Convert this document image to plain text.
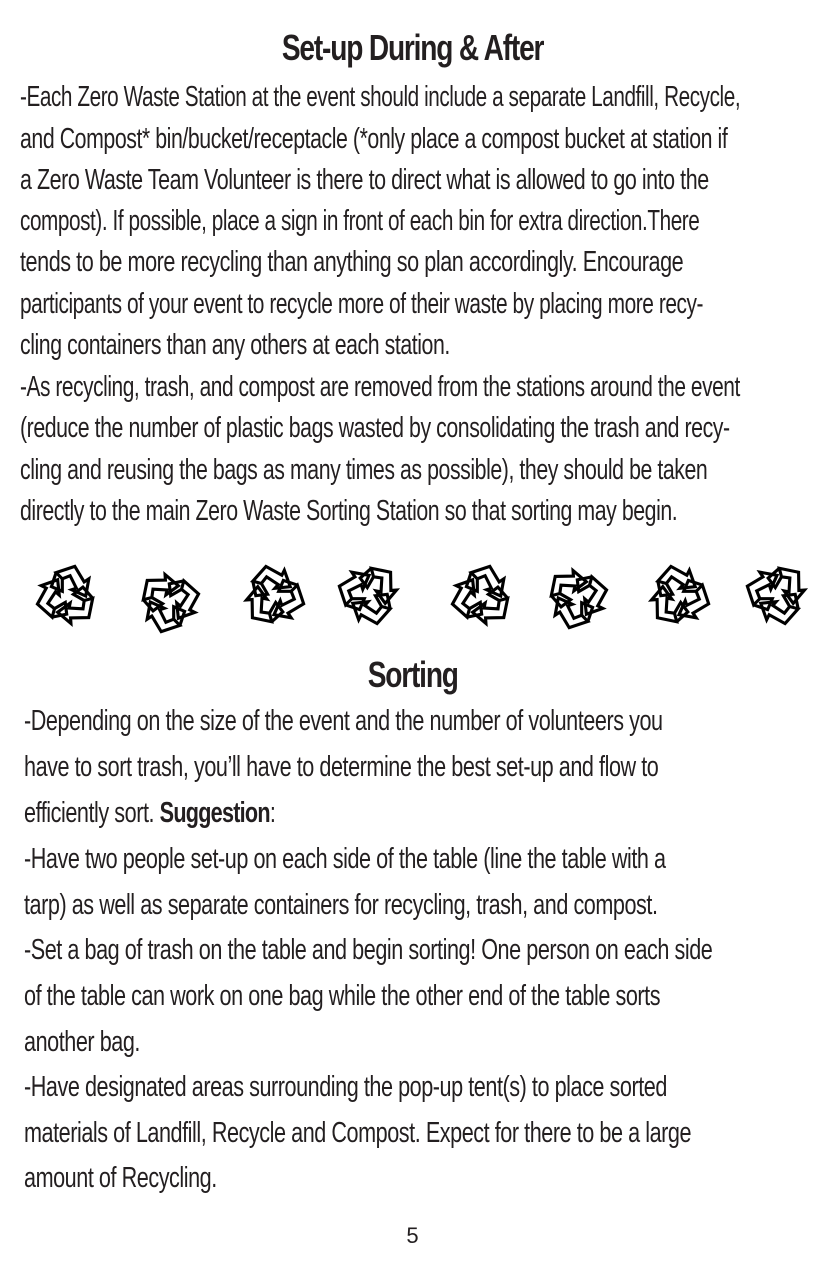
Set-up During & After
-Each Zero Waste Station at the event should include a separate Landfill, Recycle,
and Compost* bin/bucket/receptacle (*only place a compost bucket at station if
a Zero Waste Team Volunteer is there to direct what is allowed to go into the
compost). If possible, place a sign in front of each bin for extra direction.There
tends to be more recycling than anything so plan accordingly. Encourage
participants of your event to recycle more of their waste by placing more recy-
cling containers than any others at each station.
-As recycling, trash, and compost are removed from the stations around the event
(reduce the number of plastic bags wasted by consolidating the trash and recy-
cling and reusing the bags as many times as possible), they should be taken
directly to the main Zero Waste Sorting Station so that sorting may begin.
Sorting
-Depending on the size of the event and the number of volunteers you
have to sort trash, you’ll have to determine the best set-up and flow to
efficiently sort. Suggestion:
-Have two people set-up on each side of the table (line the table with a
tarp) as well as separate containers for recycling, trash, and compost.
-Set a bag of trash on the table and begin sorting! One person on each side
of the table can work on one bag while the other end of the table sorts
another bag.
-Have designated areas surrounding the pop-up tent(s) to place sorted
materials of Landfill, Recycle and Compost. Expect for there to be a large
amount of Recycling.
5
